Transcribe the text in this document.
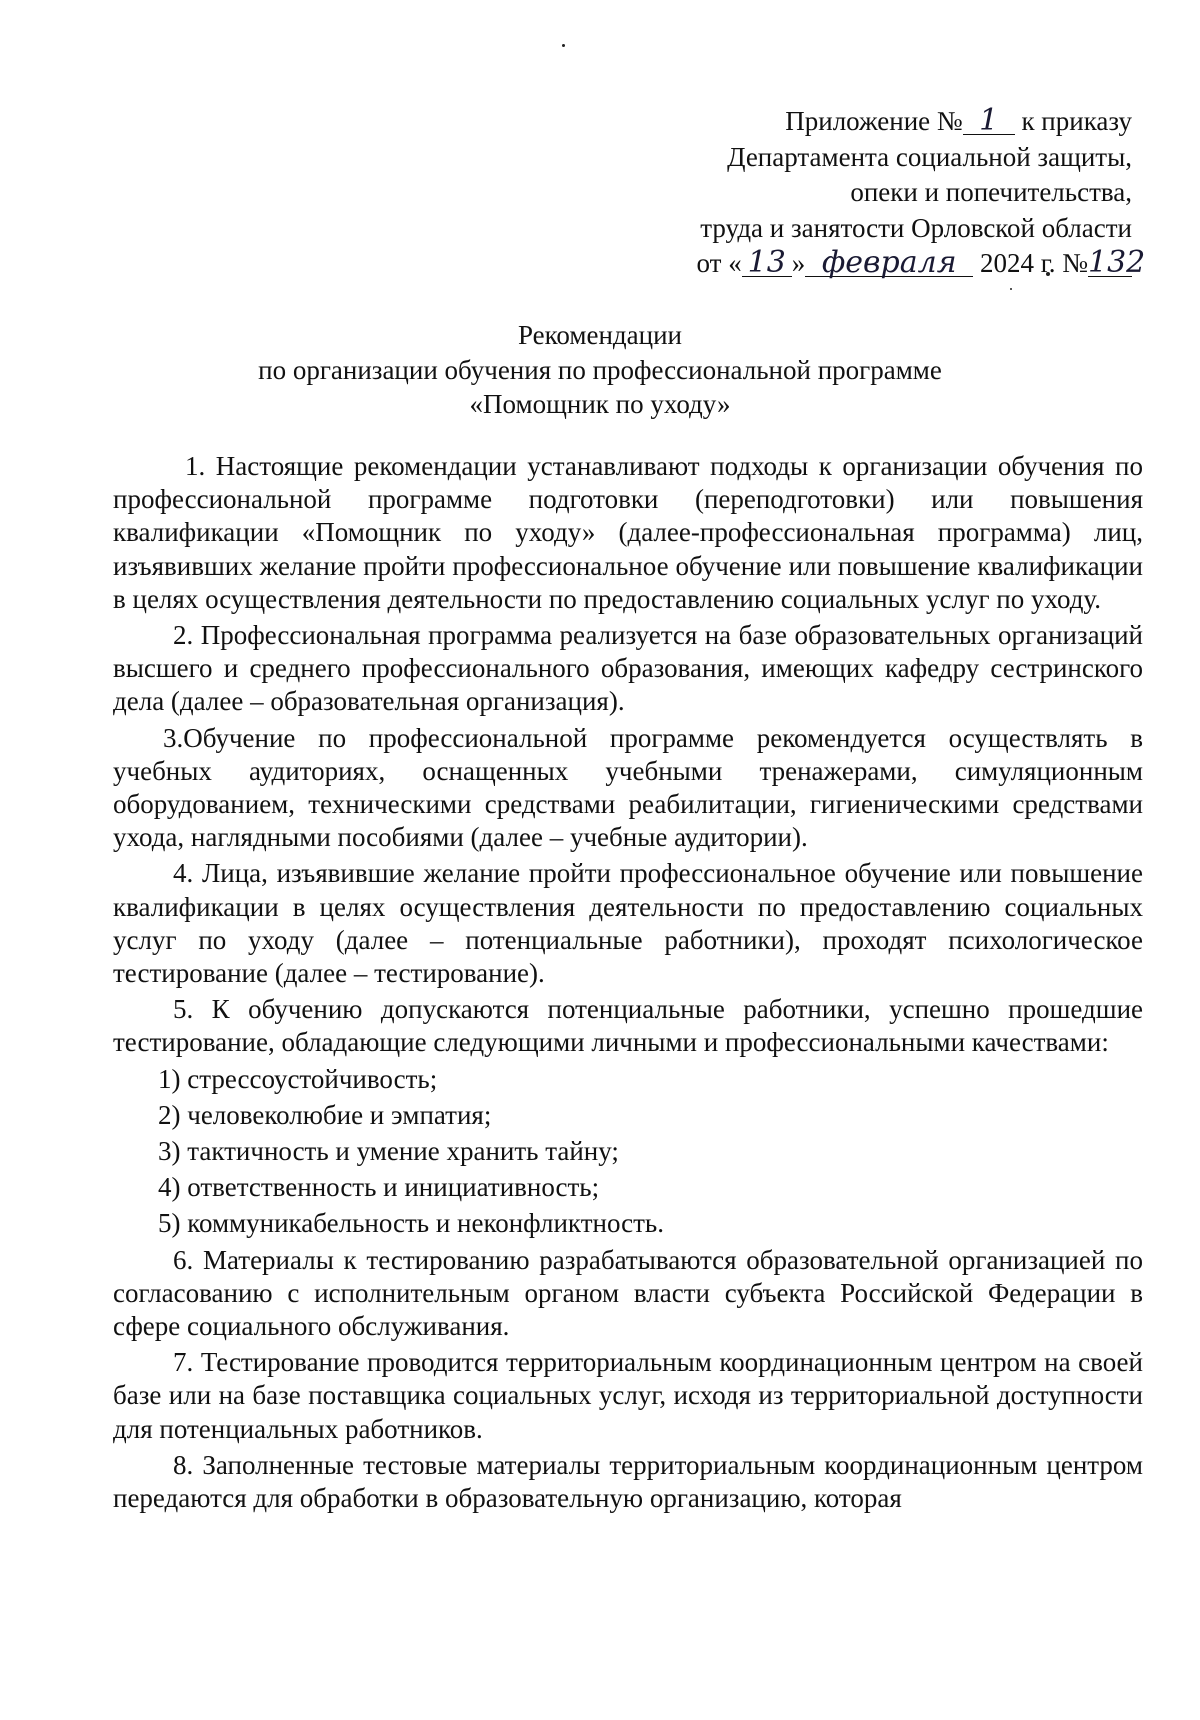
Приложение № 1 к приказу
Департамента социальной защиты,
опеки и попечительства,
труда и занятости Орловской области
от « 13 » февраля 2024 г. №132
Рекомендации
по организации обучения по профессиональной программе
«Помощник по уходу»

1. Настоящие рекомендации устанавливают подходы к организации обучения по профессиональной программе подготовки (переподготовки) или повышения квалификации «Помощник по уходу» (далее-профессиональная программа) лиц, изъявивших желание пройти профессиональное обучение или повышение квалификации в целях осуществления деятельности по предоставлению социальных услуг по уходу.

2. Профессиональная программа реализуется на базе образовательных организаций высшего и среднего профессионального образования, имеющих кафедру сестринского дела (далее – образовательная организация).

3.Обучение по профессиональной программе рекомендуется осуществлять в учебных аудиториях, оснащенных учебными тренажерами, симуляционным оборудованием, техническими средствами реабилитации, гигиеническими средствами ухода, наглядными пособиями (далее – учебные аудитории).

4. Лица, изъявившие желание пройти профессиональное обучение или повышение квалификации в целях осуществления деятельности по предоставлению социальных услуг по уходу (далее – потенциальные работники), проходят психологическое тестирование (далее – тестирование).

5. К обучению допускаются потенциальные работники, успешно прошедшие тестирование, обладающие следующими личными и профессиональными качествами:

1) стрессоустойчивость;
2) человеколюбие и эмпатия;
3) тактичность и умение хранить тайну;
4) ответственность и инициативность;
5) коммуникабельность и неконфликтность.

6. Материалы к тестированию разрабатываются образовательной организацией по согласованию с исполнительным органом власти субъекта Российской Федерации в сфере социального обслуживания.

7. Тестирование проводится территориальным координационным центром на своей базе или на базе поставщика социальных услуг, исходя из территориальной доступности для потенциальных работников.

8. Заполненные тестовые материалы территориальным координационным центром передаются для обработки в образовательную организацию, которая
